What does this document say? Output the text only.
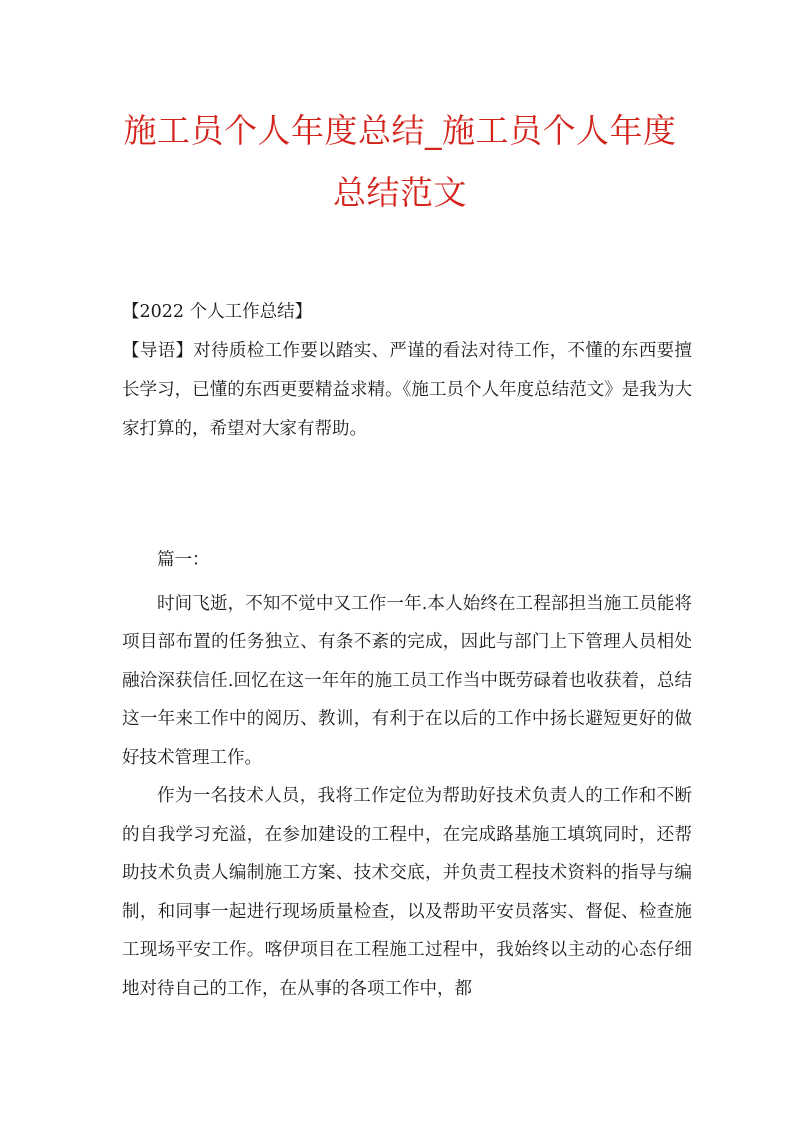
施工员个人年度总结_施工员个人年度总结范文

【2022 个人工作总结】

【导语】对待质检工作要以踏实、严谨的看法对待工作，不懂的东西要擅长学习，已懂的东西更要精益求精。《施工员个人年度总结范文》是我为大家打算的，希望对大家有帮助。

篇一：

时间飞逝，不知不觉中又工作一年.本人始终在工程部担当施工员能将项目部布置的任务独立、有条不紊的完成，因此与部门上下管理人员相处融洽深获信任.回忆在这一年年的施工员工作当中既劳碌着也收获着，总结这一年来工作中的阅历、教训，有利于在以后的工作中扬长避短更好的做好技术管理工作。

作为一名技术人员，我将工作定位为帮助好技术负责人的工作和不断的自我学习充溢，在参加建设的工程中，在完成路基施工填筑同时，还帮助技术负责人编制施工方案、技术交底，并负责工程技术资料的指导与编制，和同事一起进行现场质量检查，以及帮助平安员落实、督促、检查施工现场平安工作。喀伊项目在工程施工过程中，我始终以主动的心态仔细地对待自己的工作，在从事的各项工作中，都
